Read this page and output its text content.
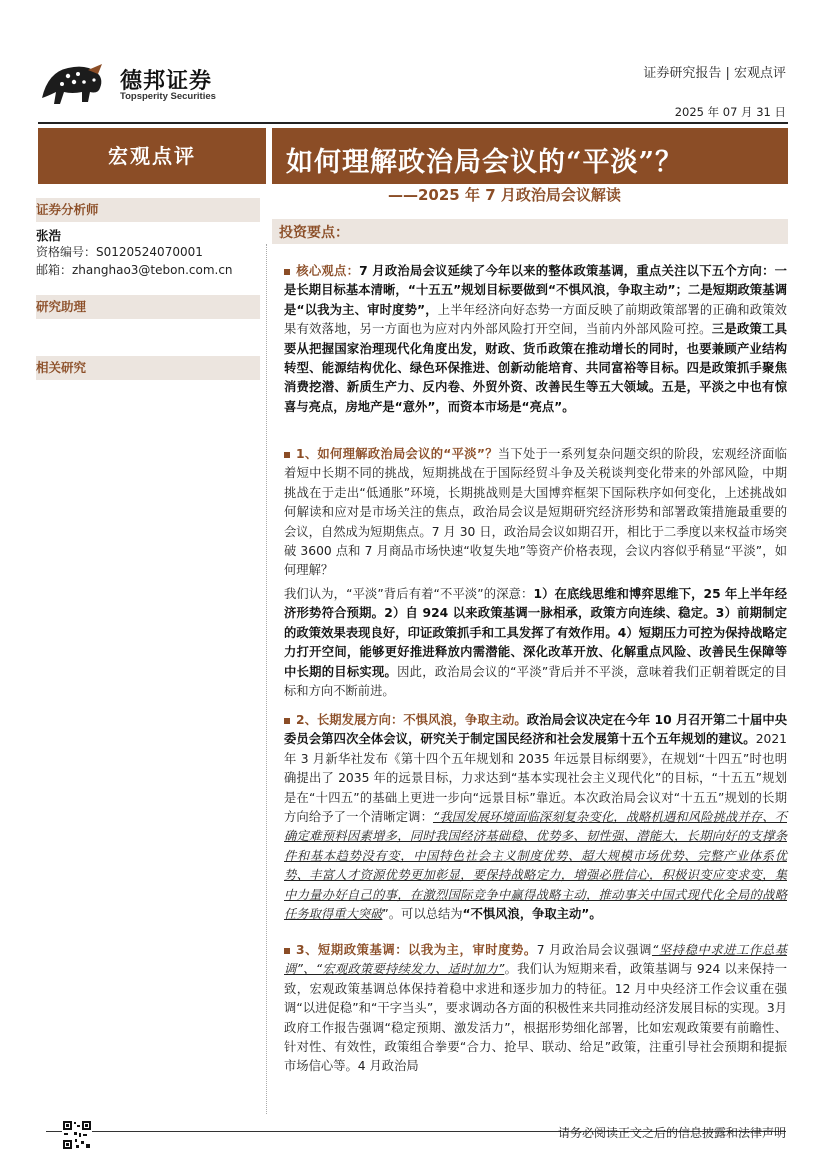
德邦证券
Topsperity Securities
证券研究报告 | 宏观点评
2025 年 07 月 31 日
宏观点评	如何理解政治局会议的“平淡”？
——2025 年 7 月政治局会议解读
证券分析师
张浩
资格编号：S0120524070001
邮箱：zhanghao3@tebon.com.cn
研究助理
相关研究
投资要点：
核心观点：7 月政治局会议延续了今年以来的整体政策基调，重点关注以下五个方向：一是长期目标基本清晰，“十五五”规划目标要做到“不惧风浪，争取主动”；二是短期政策基调是“以我为主、审时度势”，上半年经济向好态势一方面反映了前期政策部署的正确和政策效果有效落地，另一方面也为应对内外部风险打开空间，当前内外部风险可控。三是政策工具要从把握国家治理现代化角度出发，财政、货币政策在推动增长的同时，也要兼顾产业结构转型、能源结构优化、绿色环保推进、创新动能培育、共同富裕等目标。四是政策抓手聚焦消费挖潜、新质生产力、反内卷、外贸外资、改善民生等五大领域。五是，平淡之中也有惊喜与亮点，房地产是“意外”，而资本市场是“亮点”。
1、如何理解政治局会议的“平淡”？当下处于一系列复杂问题交织的阶段，宏观经济面临着短中长期不同的挑战，短期挑战在于国际经贸斗争及关税谈判变化带来的外部风险，中期挑战在于走出“低通胀”环境，长期挑战则是大国博弈框架下国际秩序如何变化，上述挑战如何解读和应对是市场关注的焦点，政治局会议是短期研究经济形势和部署政策措施最重要的会议，自然成为短期焦点。7 月 30 日，政治局会议如期召开，相比于二季度以来权益市场突破 3600 点和 7 月商品市场快速“收复失地”等资产价格表现，会议内容似乎稍显“平淡”，如何理解？
我们认为，“平淡”背后有着“不平淡”的深意：1）在底线思维和博弈思维下，25 年上半年经济形势符合预期。2）自 924 以来政策基调一脉相承，政策方向连续、稳定。3）前期制定的政策效果表现良好，印证政策抓手和工具发挥了有效作用。4）短期压力可控为保持战略定力打开空间，能够更好推进释放内需潜能、深化改革开放、化解重点风险、改善民生保障等中长期的目标实现。因此，政治局会议的“平淡”背后并不平淡，意味着我们正朝着既定的目标和方向不断前进。
2、长期发展方向：不惧风浪，争取主动。政治局会议决定在今年 10 月召开第二十届中央委员会第四次全体会议，研究关于制定国民经济和社会发展第十五个五年规划的建议。2021 年 3 月新华社发布《第十四个五年规划和 2035 年远景目标纲要》，在规划“十四五”时也明确提出了 2035 年的远景目标，力求达到“基本实现社会主义现代化”的目标，“十五五”规划是在“十四五”的基础上更进一步向“远景目标”靠近。本次政治局会议对“十五五”规划的长期方向给予了一个清晰定调：“我国发展环境面临深刻复杂变化，战略机遇和风险挑战并存、不确定难预料因素增多，同时我国经济基础稳、优势多、韧性强、潜能大，长期向好的支撑条件和基本趋势没有变，中国特色社会主义制度优势、超大规模市场优势、完整产业体系优势、丰富人才资源优势更加彰显，要保持战略定力，增强必胜信心，积极识变应变求变，集中力量办好自己的事，在激烈国际竞争中赢得战略主动，推动事关中国式现代化全局的战略任务取得重大突破”。可以总结为“不惧风浪，争取主动”。
3、短期政策基调：以我为主，审时度势。7 月政治局会议强调“坚持稳中求进工作总基调”、“宏观政策要持续发力、适时加力”。我们认为短期来看，政策基调与 924 以来保持一致，宏观政策基调总体保持着稳中求进和逐步加力的特征。12 月中央经济工作会议重在强调“以进促稳”和“干字当头”，要求调动各方面的积极性来共同推动经济发展目标的实现。3月政府工作报告强调“稳定预期、激发活力”，根据形势细化部署，比如宏观政策要有前瞻性、针对性、有效性，政策组合拳要“合力、抢早、联动、给足”政策，注重引导社会预期和提振市场信心等。4 月政治局
请务必阅读正文之后的信息披露和法律声明
